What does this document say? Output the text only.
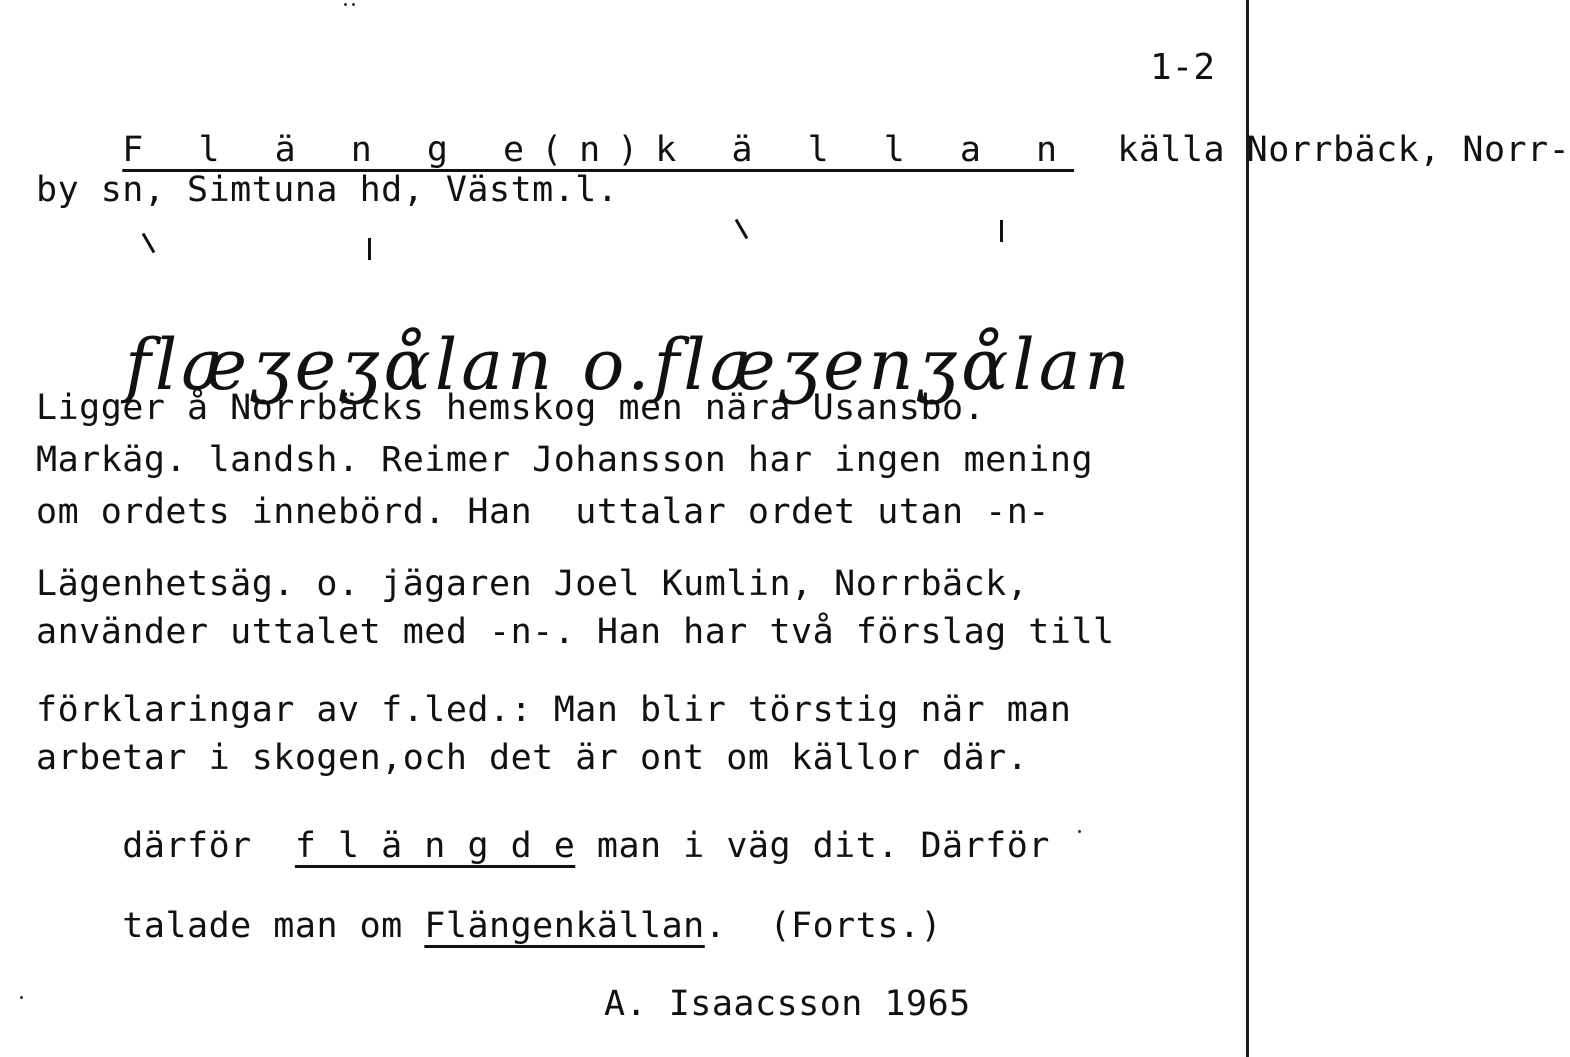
1-2

F l ä n g e(n)k ä l l a n källa Norrbäck, Norr-

by sn, Simtuna hd, Västm.l.

flæʒeʒɑ̊lan o.flæʒenʒɑ̊lan

Ligger å Norrbäcks hemskog men nära Usansbo.
Markäg. landsh. Reimer Johansson har ingen mening
om ordets innebörd. Han  uttalar ordet utan -n-
Lägenhetsäg. o. jägaren Joel Kumlin, Norrbäck,
använder uttalet med -n-. Han har två förslag till
förklaringar av f.led.: Man blir törstig när man
arbetar i skogen,och det är ont om källor där.

därför  f l ä n g d e man i väg dit. Därför

talade man om Flängenkällan.  (Forts.)

A. Isaacsson 1965
